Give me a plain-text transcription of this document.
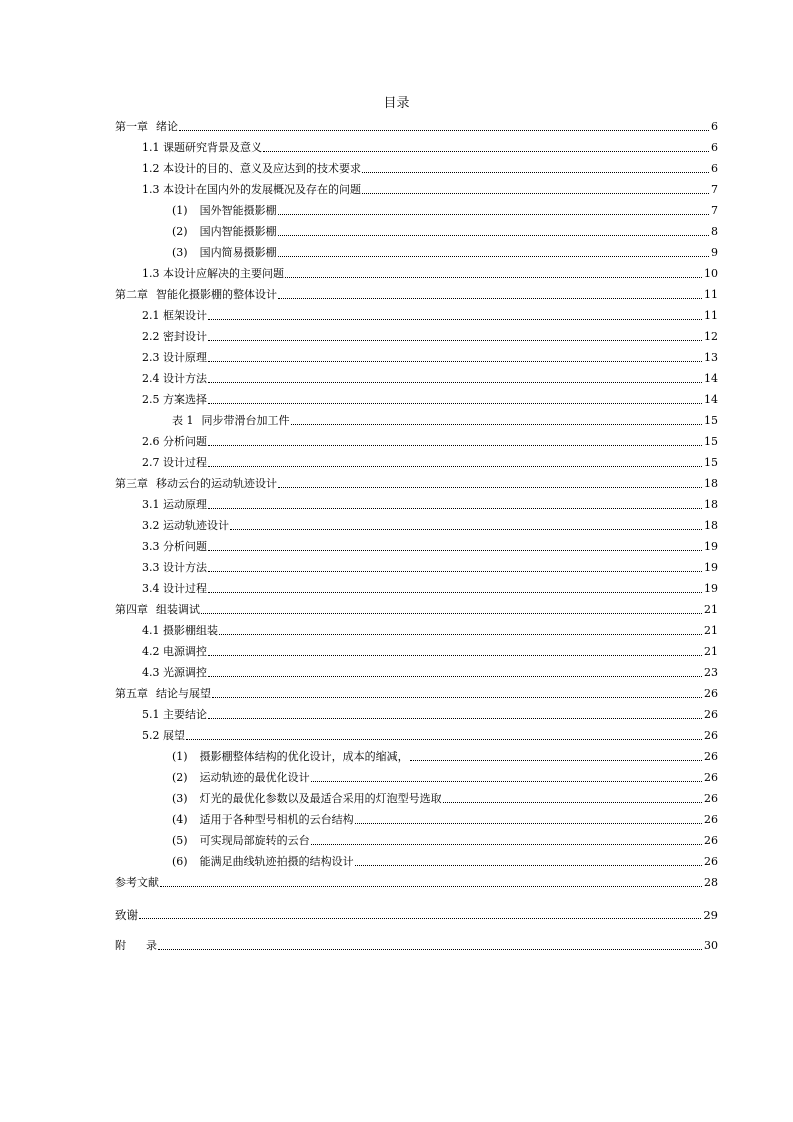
目录
第一章 绪论	6
1.1 课题研究背景及意义	6
1.2 本设计的目的、意义及应达到的技术要求	6
1.3 本设计在国内外的发展概况及存在的问题	7
(1) 国外智能摄影棚	7
(2) 国内智能摄影棚	8
(3) 国内简易摄影棚	9
1.3 本设计应解决的主要问题	10
第二章 智能化摄影棚的整体设计	11
2.1 框架设计	11
2.2 密封设计	12
2.3 设计原理	13
2.4 设计方法	14
2.5 方案选择	14
表 1 同步带滑台加工件	15
2.6 分析问题	15
2.7 设计过程	15
第三章 移动云台的运动轨迹设计	18
3.1 运动原理	18
3.2 运动轨迹设计	18
3.3 分析问题	19
3.3 设计方法	19
3.4 设计过程	19
第四章 组装调试	21
4.1 摄影棚组装	21
4.2 电源调控	21
4.3 光源调控	23
第五章 结论与展望	26
5.1 主要结论	26
5.2 展望	26
(1) 摄影棚整体结构的优化设计，成本的缩减，	26
(2) 运动轨迹的最优化设计	26
(3) 灯光的最优化参数以及最适合采用的灯泡型号选取	26
(4) 适用于各种型号相机的云台结构	26
(5) 可实现局部旋转的云台	26
(6) 能满足曲线轨迹拍摄的结构设计	26
参考文献	28
致谢	29
附 录	30
